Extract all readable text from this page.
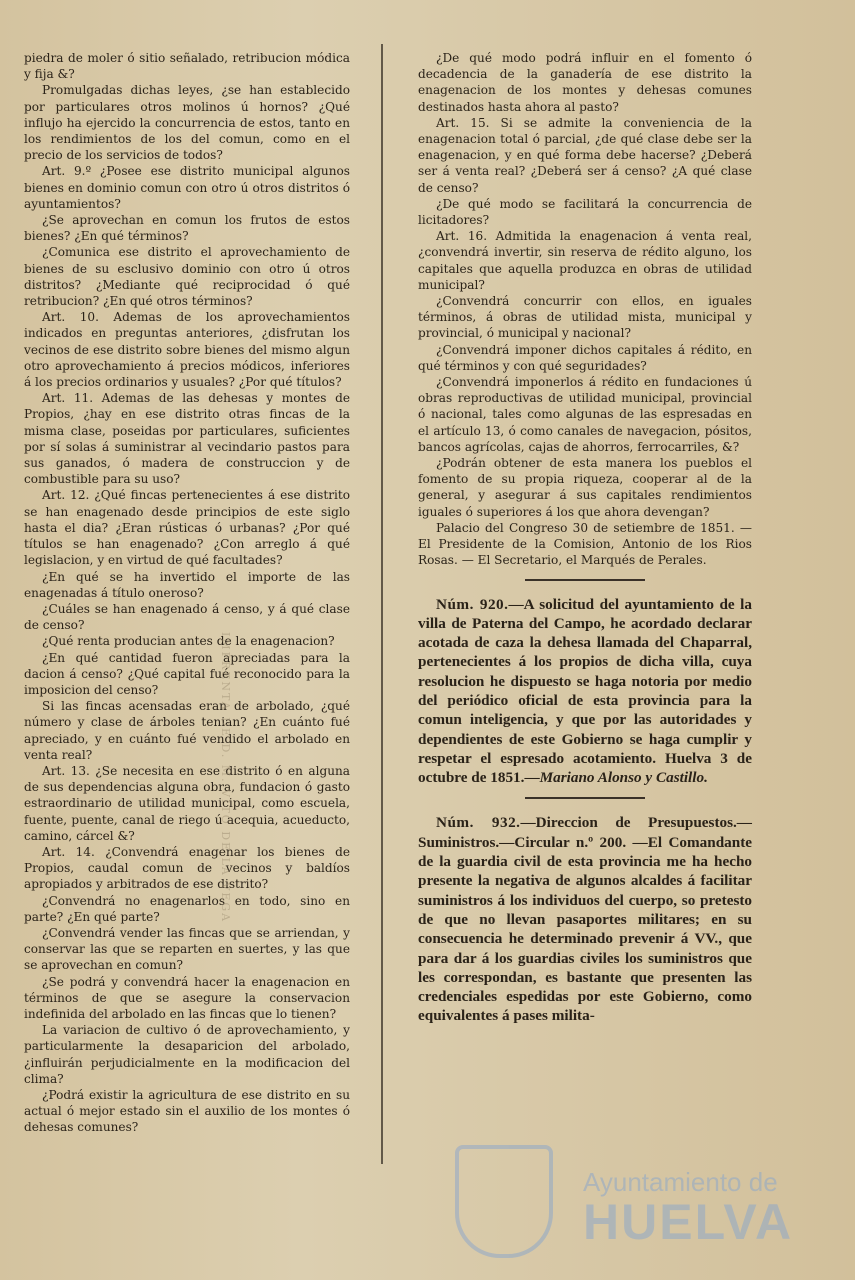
piedra de moler ó sitio señalado, retribucion módica y fija &?

Promulgadas dichas leyes, ¿se han establecido por particulares otros molinos ú hornos? ¿Qué influjo ha ejercido la concurrencia de estos, tanto en los rendimientos de los del comun, como en el precio de los servicios de todos?

Art. 9.º ¿Posee ese distrito municipal algunos bienes en dominio comun con otro ú otros distritos ó ayuntamientos?

¿Se aprovechan en comun los frutos de estos bienes? ¿En qué términos?

¿Comunica ese distrito el aprovechamiento de bienes de su esclusivo dominio con otro ú otros distritos? ¿Mediante qué reciprocidad ó qué retribucion? ¿En qué otros términos?

Art. 10. Ademas de los aprovechamientos indicados en preguntas anteriores, ¿disfrutan los vecinos de ese distrito sobre bienes del mismo algun otro aprovechamiento á precios módicos, inferiores á los precios ordinarios y usuales? ¿Por qué títulos?

Art. 11. Ademas de las dehesas y montes de Propios, ¿hay en ese distrito otras fincas de la misma clase, poseidas por particulares, suficientes por sí solas á suministrar al vecindario pastos para sus ganados, ó madera de construccion y de combustible para su uso?

Art. 12. ¿Qué fincas pertenecientes á ese distrito se han enagenado desde principios de este siglo hasta el dia? ¿Eran rústicas ó urbanas? ¿Por qué títulos se han enagenado? ¿Con arreglo á qué legislacion, y en virtud de qué facultades?

¿En qué se ha invertido el importe de las enagenadas á título oneroso?

¿Cuáles se han enagenado á censo, y á qué clase de censo?

¿Qué renta producian antes de la enagenacion?

¿En qué cantidad fueron apreciadas para la dacion á censo? ¿Qué capital fué reconocido para la imposicion del censo?

Si las fincas acensadas eran de arbolado, ¿qué número y clase de árboles tenian? ¿En cuánto fué apreciado, y en cuánto fué vendido el arbolado en venta real?

Art. 13. ¿Se necesita en ese distrito ó en alguna de sus dependencias alguna obra, fundacion ó gasto estraordinario de utilidad municipal, como escuela, fuente, puente, canal de riego ú acequia, acueducto, camino, cárcel &?

Art. 14. ¿Convendrá enagenar los bienes de Propios, caudal comun de vecinos y baldíos apropiados y arbitrados de ese distrito?

¿Convendrá no enagenarlos en todo, sino en parte? ¿En qué parte?

¿Convendrá vender las fincas que se arriendan, y conservar las que se reparten en suertes, y las que se aprovechan en comun?

¿Se podrá y convendrá hacer la enagenacion en términos de que se asegure la conservacion indefinida del arbolado en las fincas que lo tienen?

La variacion de cultivo ó de aprovechamiento, y particularmente la desaparicion del arbolado, ¿influirán perjudicialmente en la modificacion del clima?

¿Podrá existir la agricultura de ese distrito en su actual ó mejor estado sin el auxilio de los montes ó dehesas comunes?

¿De qué modo podrá influir en el fomento ó decadencia de la ganadería de ese distrito la enagenacion de los montes y dehesas comunes destinados hasta ahora al pasto?

Art. 15. Si se admite la conveniencia de la enagenacion total ó parcial, ¿de qué clase debe ser la enagenacion, y en qué forma debe hacerse? ¿Deberá ser á venta real? ¿Deberá ser á censo? ¿A qué clase de censo?

¿De qué modo se facilitará la concurrencia de licitadores?

Art. 16. Admitida la enagenacion á venta real, ¿convendrá invertir, sin reserva de rédito alguno, los capitales que aquella produzca en obras de utilidad municipal?

¿Convendrá concurrir con ellos, en iguales términos, á obras de utilidad mista, municipal y provincial, ó municipal y nacional?

¿Convendrá imponer dichos capitales á rédito, en qué términos y con qué seguridades?

¿Convendrá imponerlos á rédito en fundaciones ú obras reproductivas de utilidad municipal, provincial ó nacional, tales como algunas de las espresadas en el artículo 13, ó como canales de navegacion, pósitos, bancos agrícolas, cajas de ahorros, ferrocarriles, &?

¿Podrán obtener de esta manera los pueblos el fomento de su propia riqueza, cooperar al de la general, y asegurar á sus capitales rendimientos iguales ó superiores á los que ahora devengan?

Palacio del Congreso 30 de setiembre de 1851. — El Presidente de la Comision, Antonio de los Rios Rosas. — El Secretario, el Marqués de Perales.

Núm. 920.—A solicitud del ayuntamiento de la villa de Paterna del Campo, he acordado declarar acotada de caza la dehesa llamada del Chaparral, pertenecientes á los propios de dicha villa, cuya resolucion he dispuesto se haga notoria por medio del periódico oficial de esta provincia para la comun inteligencia, y que por las autoridades y dependientes de este Gobierno se haga cumplir y respetar el espresado acotamiento. Huelva 3 de octubre de 1851.—Mariano Alonso y Castillo.

Núm. 932.—Direccion de Presupuestos.—Suministros.—Circular n.º 200. —El Comandante de la guardia civil de esta provincia me ha hecho presente la negativa de algunos alcaldes á facilitar suministros á los individuos del cuerpo, so pretesto de que no llevan pasaportes militares; en su consecuencia he determinado prevenir á VV., que para dar á los guardias civiles los suministros que les correspondan, es bastante que presenten las credenciales espedidas por este Gobierno, como equivalentes á pases milita-

IMPRENTA DE D. M. VITO DE LA VEGA
Ayuntamiento de
HUELVA
